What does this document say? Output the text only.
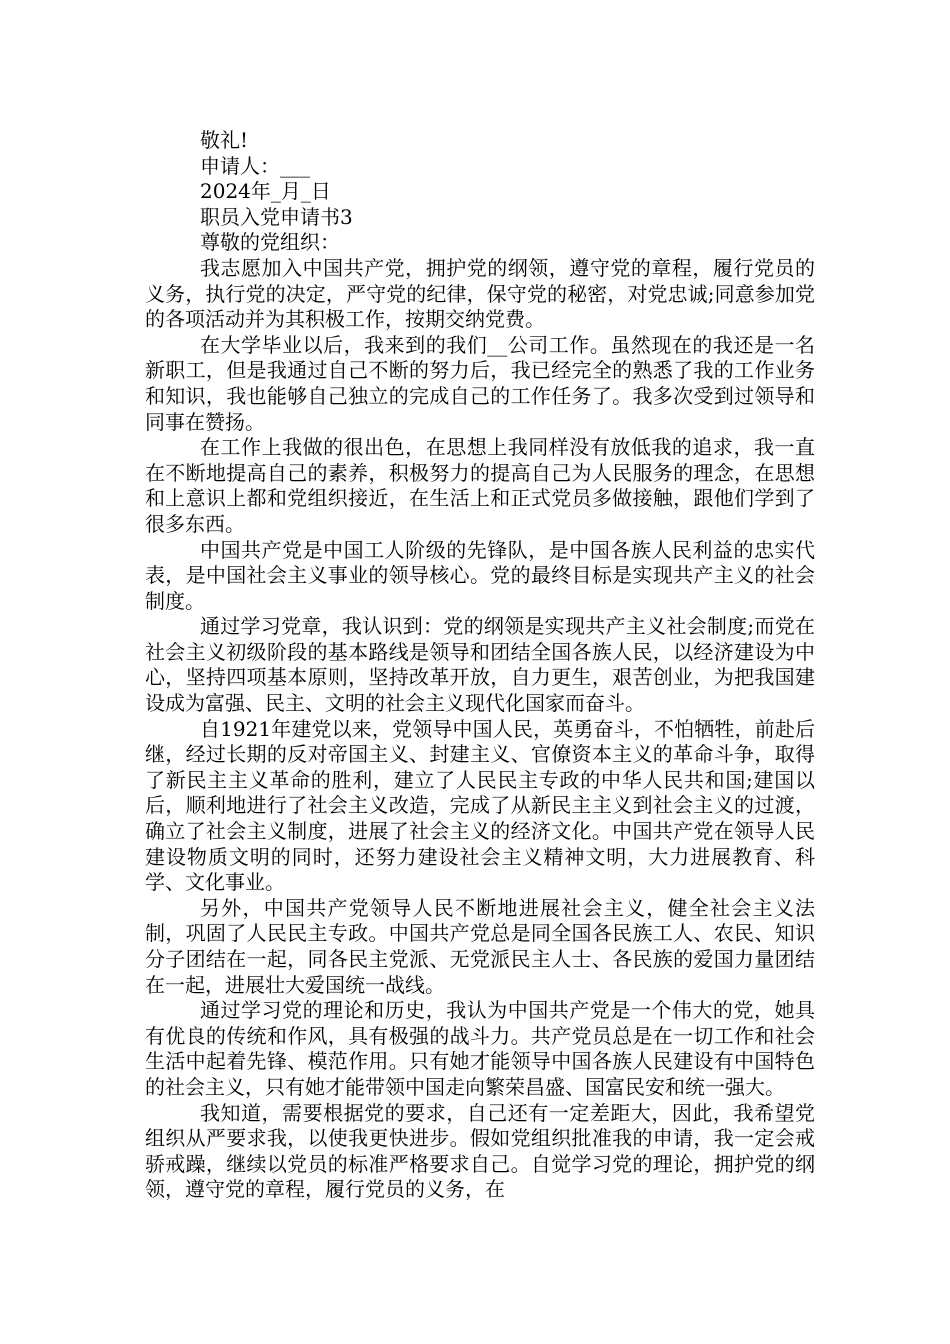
敬礼!
申请人：___
2024年_月_日
职员入党申请书3
尊敬的党组织：

我志愿加入中国共产党，拥护党的纲领，遵守党的章程，履行党员的义务，执行党的决定，严守党的纪律，保守党的秘密，对党忠诚;同意参加党的各项活动并为其积极工作，按期交纳党费。

在大学毕业以后，我来到的我们__公司工作。虽然现在的我还是一名新职工，但是我通过自己不断的努力后，我已经完全的熟悉了我的工作业务和知识，我也能够自己独立的完成自己的工作任务了。我多次受到过领导和同事在赞扬。

在工作上我做的很出色，在思想上我同样没有放低我的追求，我一直在不断地提高自己的素养，积极努力的提高自己为人民服务的理念，在思想和上意识上都和党组织接近，在生活上和正式党员多做接触，跟他们学到了很多东西。

中国共产党是中国工人阶级的先锋队，是中国各族人民利益的忠实代表，是中国社会主义事业的领导核心。党的最终目标是实现共产主义的社会制度。

通过学习党章，我认识到：党的纲领是实现共产主义社会制度;而党在社会主义初级阶段的基本路线是领导和团结全国各族人民，以经济建设为中心，坚持四项基本原则，坚持改革开放，自力更生，艰苦创业，为把我国建设成为富强、民主、文明的社会主义现代化国家而奋斗。

自1921年建党以来，党领导中国人民，英勇奋斗，不怕牺牲，前赴后继，经过长期的反对帝国主义、封建主义、官僚资本主义的革命斗争，取得了新民主主义革命的胜利，建立了人民民主专政的中华人民共和国;建国以后，顺利地进行了社会主义改造，完成了从新民主主义到社会主义的过渡，确立了社会主义制度，进展了社会主义的经济文化。中国共产党在领导人民建设物质文明的同时，还努力建设社会主义精神文明，大力进展教育、科学、文化事业。

另外，中国共产党领导人民不断地进展社会主义，健全社会主义法制，巩固了人民民主专政。中国共产党总是同全国各民族工人、农民、知识分子团结在一起，同各民主党派、无党派民主人士、各民族的爱国力量团结在一起，进展壮大爱国统一战线。

通过学习党的理论和历史，我认为中国共产党是一个伟大的党，她具有优良的传统和作风，具有极强的战斗力。共产党员总是在一切工作和社会生活中起着先锋、模范作用。只有她才能领导中国各族人民建设有中国特色的社会主义，只有她才能带领中国走向繁荣昌盛、国富民安和统一强大。

我知道，需要根据党的要求，自己还有一定差距大，因此，我希望党组织从严要求我，以使我更快进步。假如党组织批准我的申请，我一定会戒骄戒躁，继续以党员的标准严格要求自己。自觉学习党的理论，拥护党的纲领，遵守党的章程，履行党员的义务，在
